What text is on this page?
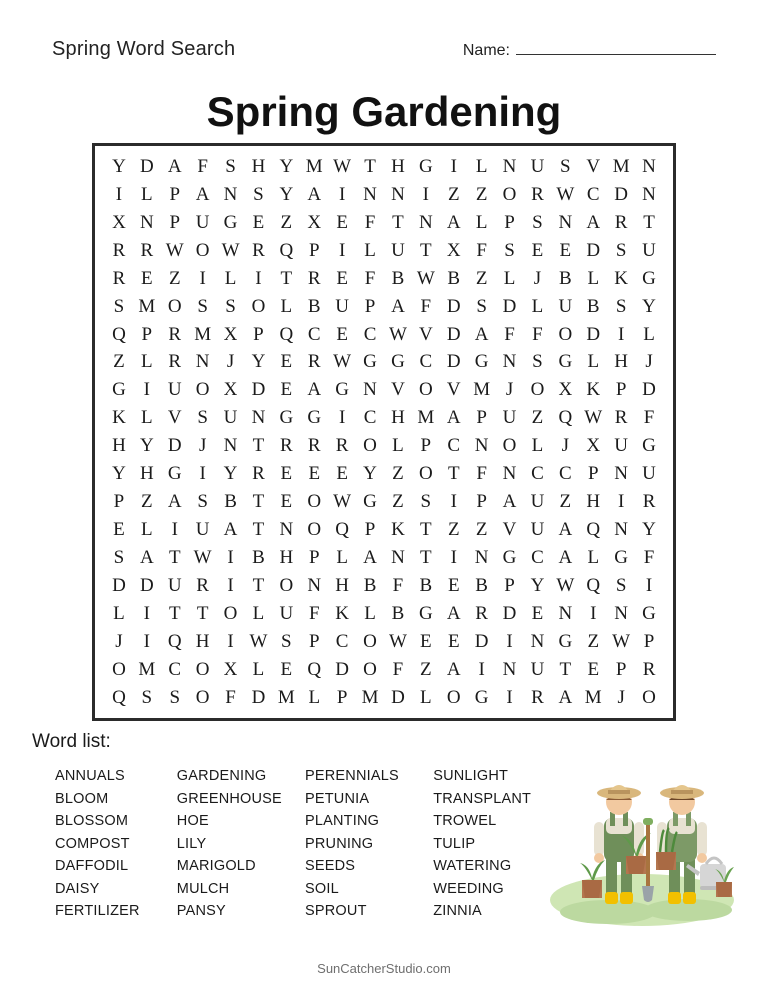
Spring Word Search	Name:
Spring Gardening
Y D A F S H Y M W T H G I L N U S V M N
I L P A N S Y A I N N I Z Z O R W C D N
X N P U G E Z X E F T N A L P S N A R T
R R W O W R Q P	I L U T X F S E E D S U
R E Z I L I T R E F B W B Z L J B L K G
S M O S S O L B U P A F D S D L U B S Y
Q P R M X P Q C E C W V D A F F O D I L
Z L R N J Y E R W G G C D G N S G L H J
G I U O X D E A G N V O V M J O X K P D
K L V S U N G G I C H M A P U Z Q W R F
H Y D J N T R R R O L P C N O L J X U G
Y H G I Y R E E E Y Z O T F N C C P N U
P Z A S B T E O W G Z S	I	P A U Z H I R
E L I U A T N O Q P K T Z Z V U A Q N Y
S A T W I B H P L A N T I N G C A L G F
D D U R I T O N H B F B E B P Y W Q S	I
L I T T O L U F K L B G A R D E N I N G
J	I Q H I W S P C O W E E D I N G Z W P
O M C O X L E Q D O F Z A I N U T E P R
Q S S O F D M L P M D L O G I R A M J O
Word list:
ANNUALS
BLOOM
BLOSSOM
COMPOST
DAFFODIL
DAISY
FERTILIZER
GARDENING
GREENHOUSE
HOE
LILY
MARIGOLD
MULCH
PANSY
PERENNIALS
PETUNIA
PLANTING
PRUNING
SEEDS
SOIL
SPROUT
SUNLIGHT
TRANSPLANT
TROWEL
TULIP
WATERING
WEEDING
ZINNIA
SunCatcherStudio.com
